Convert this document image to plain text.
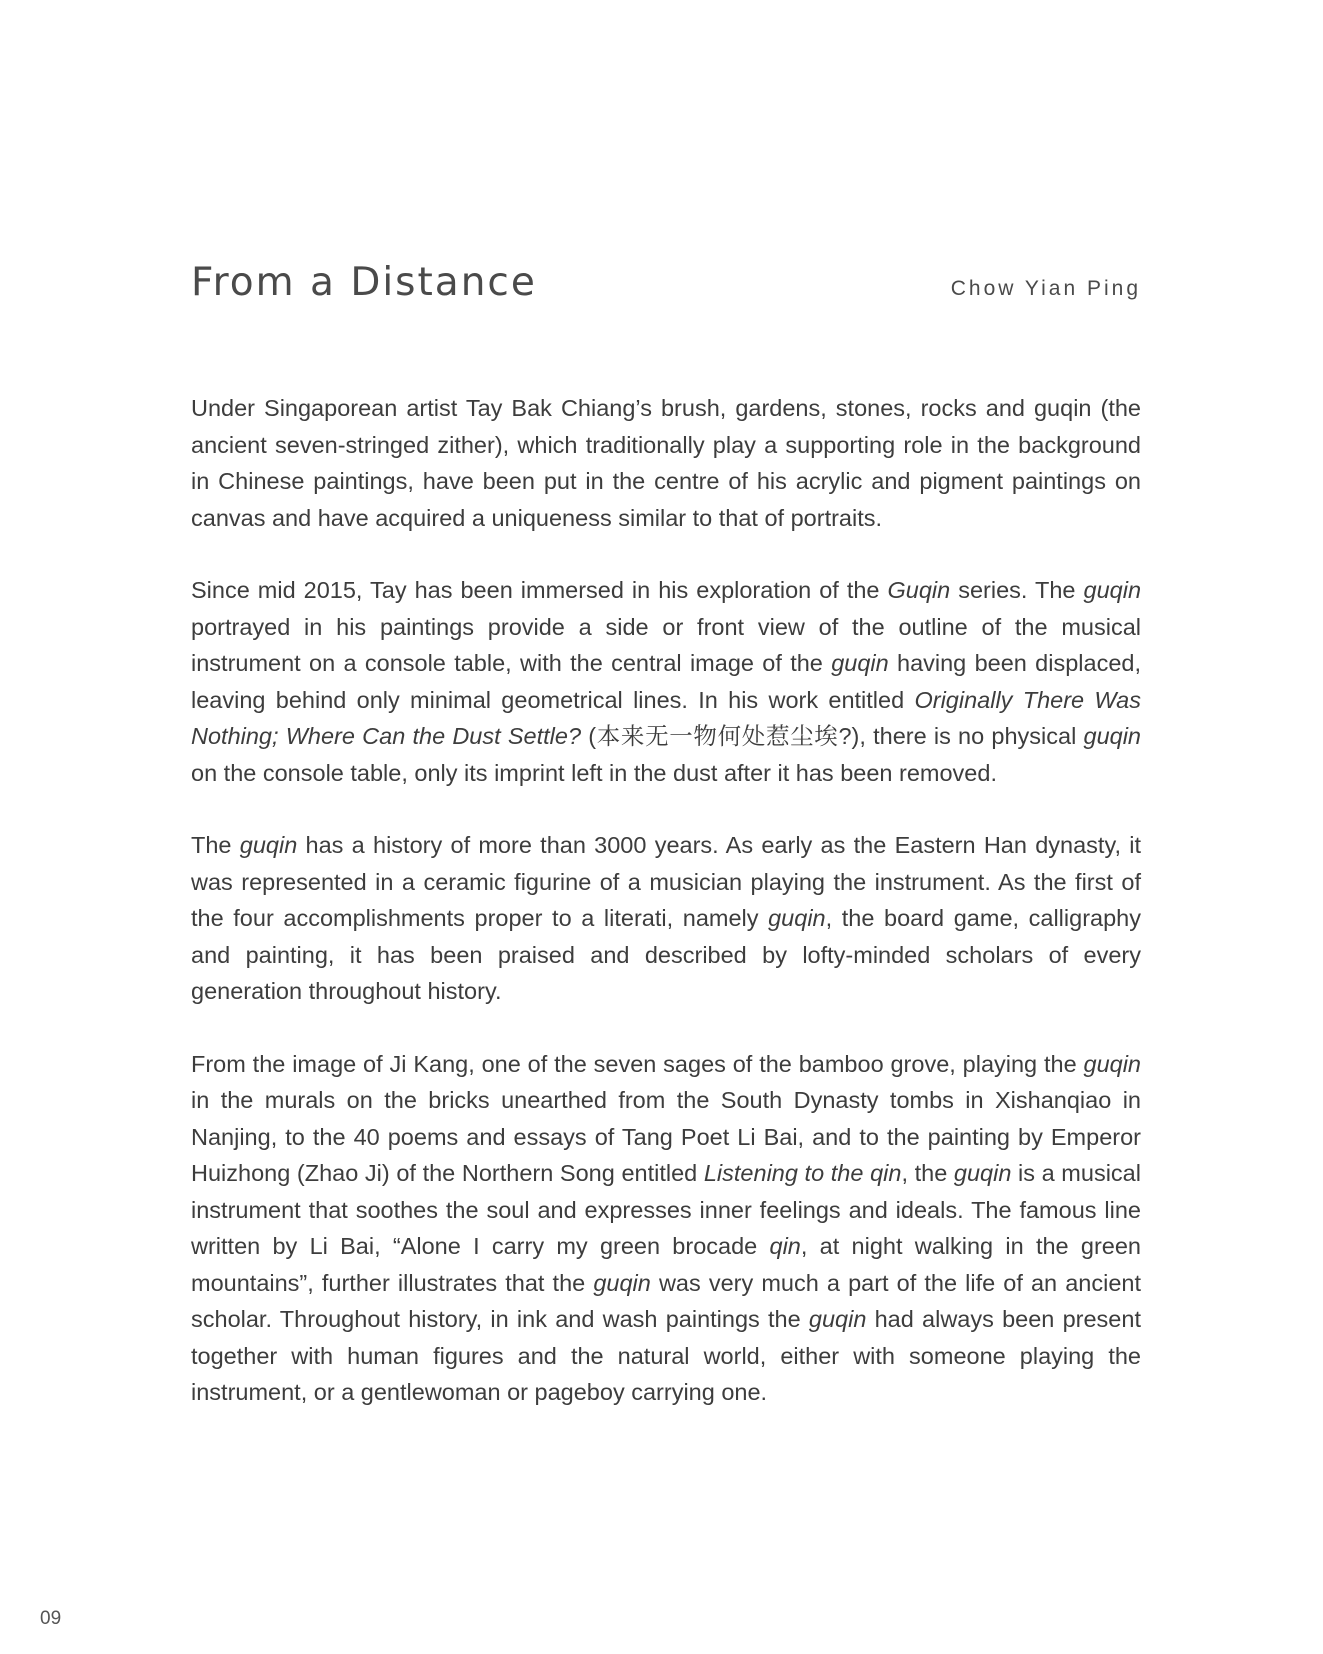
From a Distance	Chow Yian Ping

Under Singaporean artist Tay Bak Chiang’s brush, gardens, stones, rocks and guqin (the ancient seven-stringed zither), which traditionally play a supporting role in the background in Chinese paintings, have been put in the centre of his acrylic and pigment paintings on canvas and have acquired a uniqueness similar to that of portraits.

Since mid 2015, Tay has been immersed in his exploration of the Guqin series. The guqin portrayed in his paintings provide a side or front view of the outline of the musical instrument on a console table, with the central image of the guqin having been displaced, leaving behind only minimal geometrical lines. In his work entitled Originally There Was Nothing; Where Can the Dust Settle? (本来无一物何处惹尘埃?), there is no physical guqin on the console table, only its imprint left in the dust after it has been removed.

The guqin has a history of more than 3000 years. As early as the Eastern Han dynasty, it was represented in a ceramic figurine of a musician playing the instrument. As the first of the four accomplishments proper to a literati, namely guqin, the board game, calligraphy and painting, it has been praised and described by lofty-minded scholars of every generation throughout history.

From the image of Ji Kang, one of the seven sages of the bamboo grove, playing the guqin in the murals on the bricks unearthed from the South Dynasty tombs in Xishanqiao in Nanjing, to the 40 poems and essays of Tang Poet Li Bai, and to the painting by Emperor Huizhong (Zhao Ji) of the Northern Song entitled Listening to the qin, the guqin is a musical instrument that soothes the soul and expresses inner feelings and ideals. The famous line written by Li Bai, “Alone I carry my green brocade qin, at night walking in the green mountains”, further illustrates that the guqin was very much a part of the life of an ancient scholar. Throughout history, in ink and wash paintings the guqin had always been present together with human figures and the natural world, either with someone playing the instrument, or a gentlewoman or pageboy carrying one.

09
